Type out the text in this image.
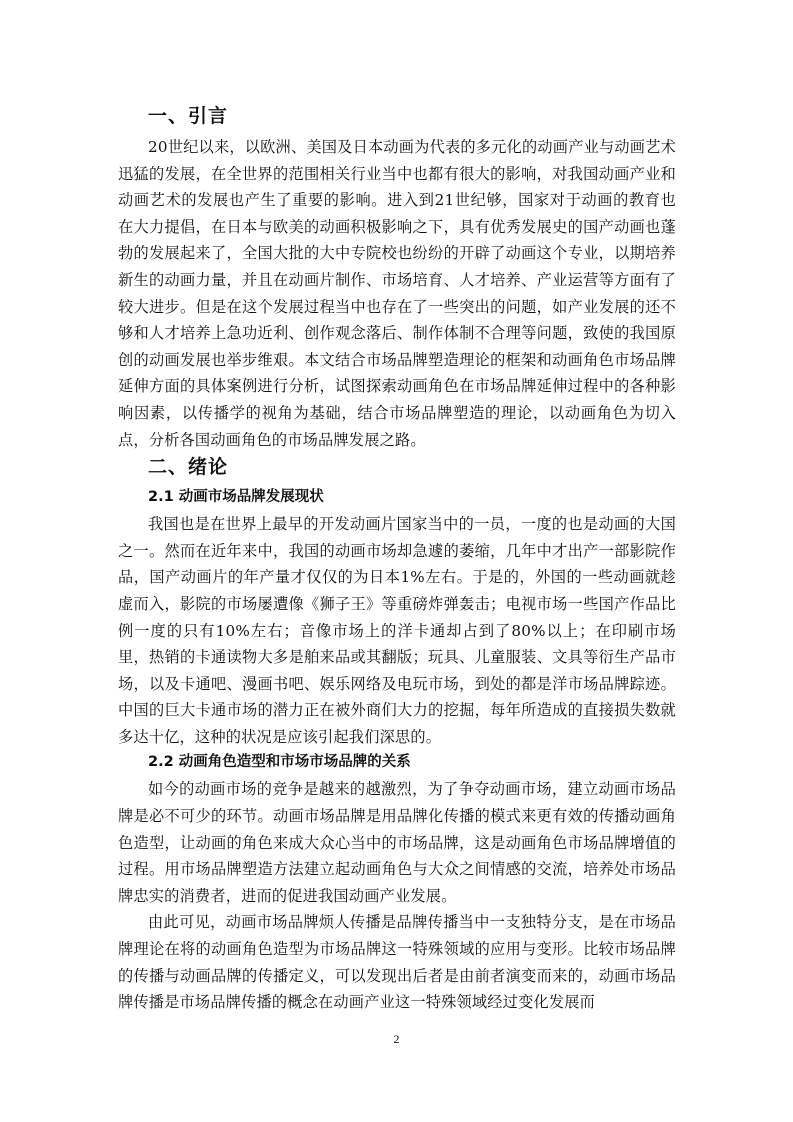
一、引言

20世纪以来，以欧洲、美国及日本动画为代表的多元化的动画产业与动画艺术迅猛的发展，在全世界的范围相关行业当中也都有很大的影响，对我国动画产业和动画艺术的发展也产生了重要的影响。进入到21世纪够，国家对于动画的教育也在大力提倡，在日本与欧美的动画积极影响之下，具有优秀发展史的国产动画也蓬勃的发展起来了，全国大批的大中专院校也纷纷的开辟了动画这个专业，以期培养新生的动画力量，并且在动画片制作、市场培育、人才培养、产业运营等方面有了较大进步。但是在这个发展过程当中也存在了一些突出的问题，如产业发展的还不够和人才培养上急功近利、创作观念落后、制作体制不合理等问题，致使的我国原创的动画发展也举步维艰。本文结合市场品牌塑造理论的框架和动画角色市场品牌延伸方面的具体案例进行分析，试图探索动画角色在市场品牌延伸过程中的各种影响因素，以传播学的视角为基础，结合市场品牌塑造的理论，以动画角色为切入点，分析各国动画角色的市场品牌发展之路。

二、绪论
2.1 动画市场品牌发展现状

我国也是在世界上最早的开发动画片国家当中的一员，一度的也是动画的大国之一。然而在近年来中，我国的动画市场却急遽的萎缩，几年中才出产一部影院作品，国产动画片的年产量才仅仅的为日本1%左右。于是的，外国的一些动画就趁虚而入，影院的市场屡遭像《狮子王》等重磅炸弹轰击；电视市场一些国产作品比例一度的只有10%左右；音像市场上的洋卡通却占到了80%以上；在印刷市场里，热销的卡通读物大多是舶来品或其翻版；玩具、儿童服装、文具等衍生产品市场，以及卡通吧、漫画书吧、娱乐网络及电玩市场，到处的都是洋市场品牌踪迹。中国的巨大卡通市场的潜力正在被外商们大力的挖掘，每年所造成的直接损失数就多达十亿，这种的状况是应该引起我们深思的。

2.2 动画角色造型和市场市场品牌的关系

如今的动画市场的竞争是越来的越激烈，为了争夺动画市场，建立动画市场品牌是必不可少的环节。动画市场品牌是用品牌化传播的模式来更有效的传播动画角色造型，让动画的角色来成大众心当中的市场品牌，这是动画角色市场品牌增值的过程。用市场品牌塑造方法建立起动画角色与大众之间情感的交流，培养处市场品牌忠实的消费者，进而的促进我国动画产业发展。

由此可见，动画市场品牌烦人传播是品牌传播当中一支独特分支，是在市场品牌理论在将的动画角色造型为市场品牌这一特殊领域的应用与变形。比较市场品牌的传播与动画品牌的传播定义，可以发现出后者是由前者演变而来的，动画市场品牌传播是市场品牌传播的概念在动画产业这一特殊领域经过变化发展而

2
